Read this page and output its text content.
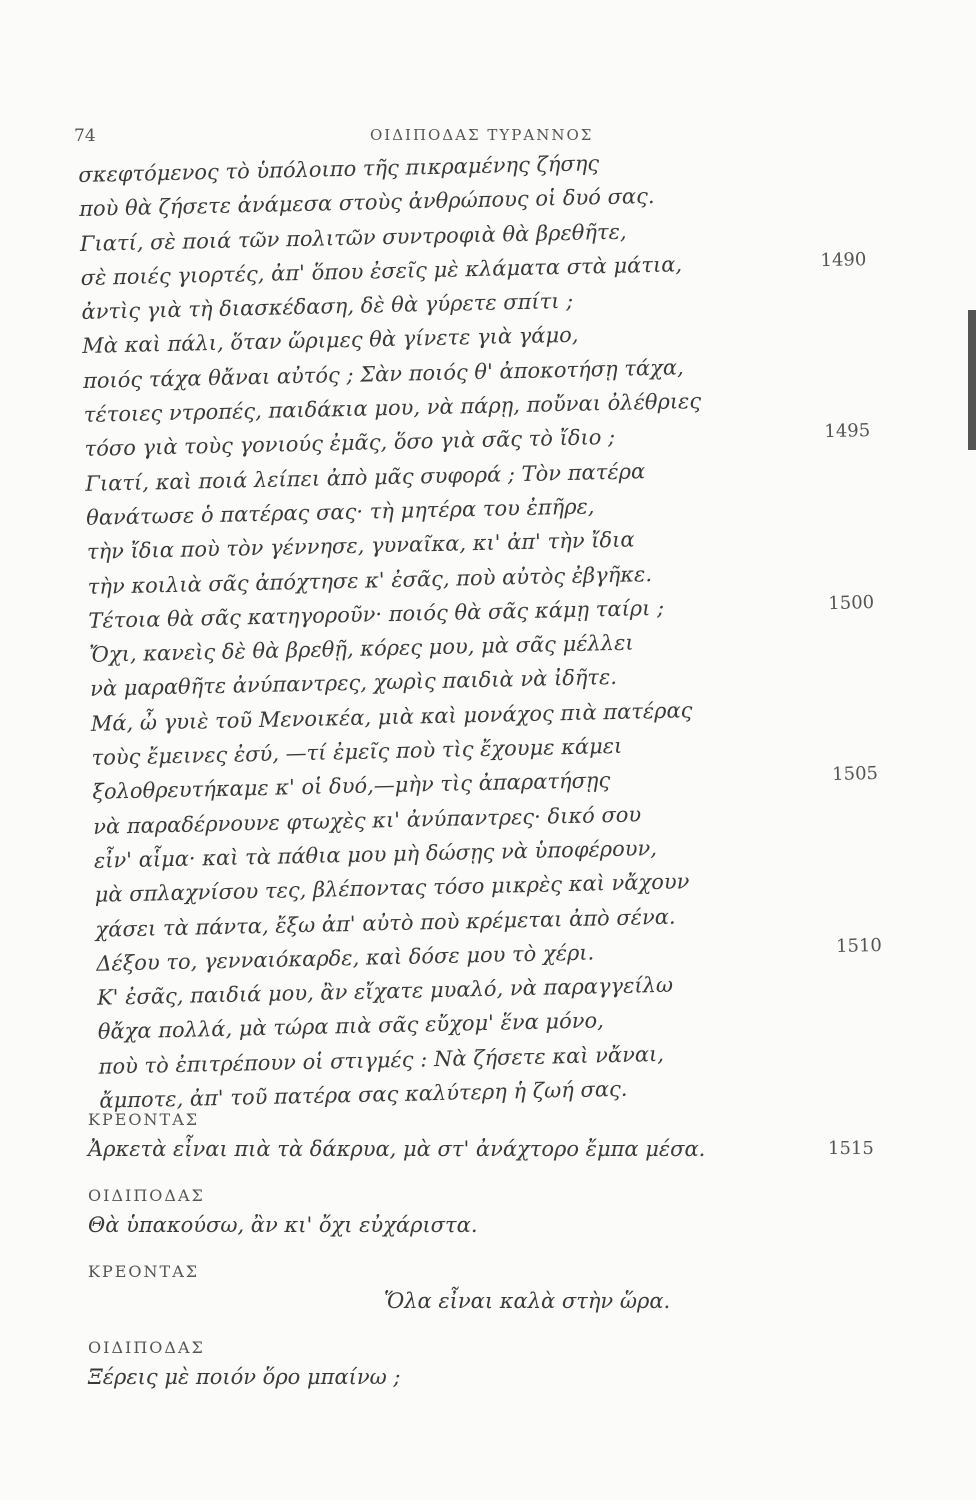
74	ΟΙΔΙΠΟΔΑΣ ΤΥΡΑΝΝΟΣ
σκεφτόμενος τὸ ὑπόλοιπο τῆς πικραμένης ζήσης
ποὺ θὰ ζήσετε ἀνάμεσα στοὺς ἀνθρώπους οἱ δυό σας.
Γιατί, σὲ ποιά τῶν πολιτῶν συντροφιὰ θὰ βρεθῆτε,
σὲ ποιές γιορτές, ἀπ' ὅπου ἐσεῖς μὲ κλάματα στὰ μάτια,	1490
ἀντὶς γιὰ τὴ διασκέδαση, δὲ θὰ γύρετε σπίτι ;
Μὰ καὶ πάλι, ὅταν ὥριμες θὰ γίνετε γιὰ γάμο,
ποιός τάχα θἄναι αὐτός ; Σὰν ποιός θ' ἀποκοτήσῃ τάχα,
τέτοιες ντροπές, παιδάκια μου, νὰ πάρῃ, ποὔναι ὀλέθριες
τόσο γιὰ τοὺς γονιούς ἐμᾶς, ὅσο γιὰ σᾶς τὸ ἴδιο ;	1495
Γιατί, καὶ ποιά λείπει ἀπὸ μᾶς συφορά ; Τὸν πατέρα
θανάτωσε ὁ πατέρας σας· τὴ μητέρα του ἐπῆρε,
τὴν ἴδια ποὺ τὸν γέννησε, γυναῖκα, κι' ἀπ' τὴν ἴδια
τὴν κοιλιὰ σᾶς ἀπόχτησε κ' ἐσᾶς, ποὺ αὐτὸς ἐβγῆκε.
Τέτοια θὰ σᾶς κατηγοροῦν· ποιός θὰ σᾶς κάμῃ ταίρι ;	1500
Ὄχι, κανεὶς δὲ θὰ βρεθῇ, κόρες μου, μὰ σᾶς μέλλει
νὰ μαραθῆτε ἀνύπαντρες, χωρὶς παιδιὰ νὰ ἰδῆτε.
Μά, ὦ γυιὲ τοῦ Μενοικέα, μιὰ καὶ μονάχος πιὰ πατέρας
τοὺς ἔμεινες ἐσύ, —τί ἐμεῖς ποὺ τὶς ἔχουμε κάμει
ξολοθρευτήκαμε κ' οἱ δυό,—μὴν τὶς ἀπαρατήσῃς	1505
νὰ παραδέρνουνε φτωχὲς κι' ἀνύπαντρες· δικό σου
εἶν' αἷμα· καὶ τὰ πάθια μου μὴ δώσῃς νὰ ὑποφέρουν,
μὰ σπλαχνίσου τες, βλέποντας τόσο μικρὲς καὶ νἄχουν
χάσει τὰ πάντα, ἔξω ἀπ' αὐτὸ ποὺ κρέμεται ἀπὸ σένα.
Δέξου το, γενναιόκαρδε, καὶ δόσε μου τὸ χέρι.	1510
Κ' ἐσᾶς, παιδιά μου, ἂν εἴχατε μυαλό, νὰ παραγγείλω
θἄχα πολλά, μὰ τώρα πιὰ σᾶς εὔχομ' ἕνα μόνο,
ποὺ τὸ ἐπιτρέπουν οἱ στιγμές : Νὰ ζήσετε καὶ νἄναι,
ἄμποτε, ἀπ' τοῦ πατέρα σας καλύτερη ἡ ζωή σας.
ΚΡΕΟΝΤΑΣ
Ἀρκετὰ εἶναι πιὰ τὰ δάκρυα, μὰ στ' ἀνάχτορο ἔμπα μέσα.	1515
ΟΙΔΙΠΟΔΑΣ
Θὰ ὑπακούσω, ἂν κι' ὄχι εὐχάριστα.
ΚΡΕΟΝΤΑΣ
Ὅλα εἶναι καλὰ στὴν ὥρα.
ΟΙΔΙΠΟΔΑΣ
Ξέρεις μὲ ποιόν ὅρο μπαίνω ;
